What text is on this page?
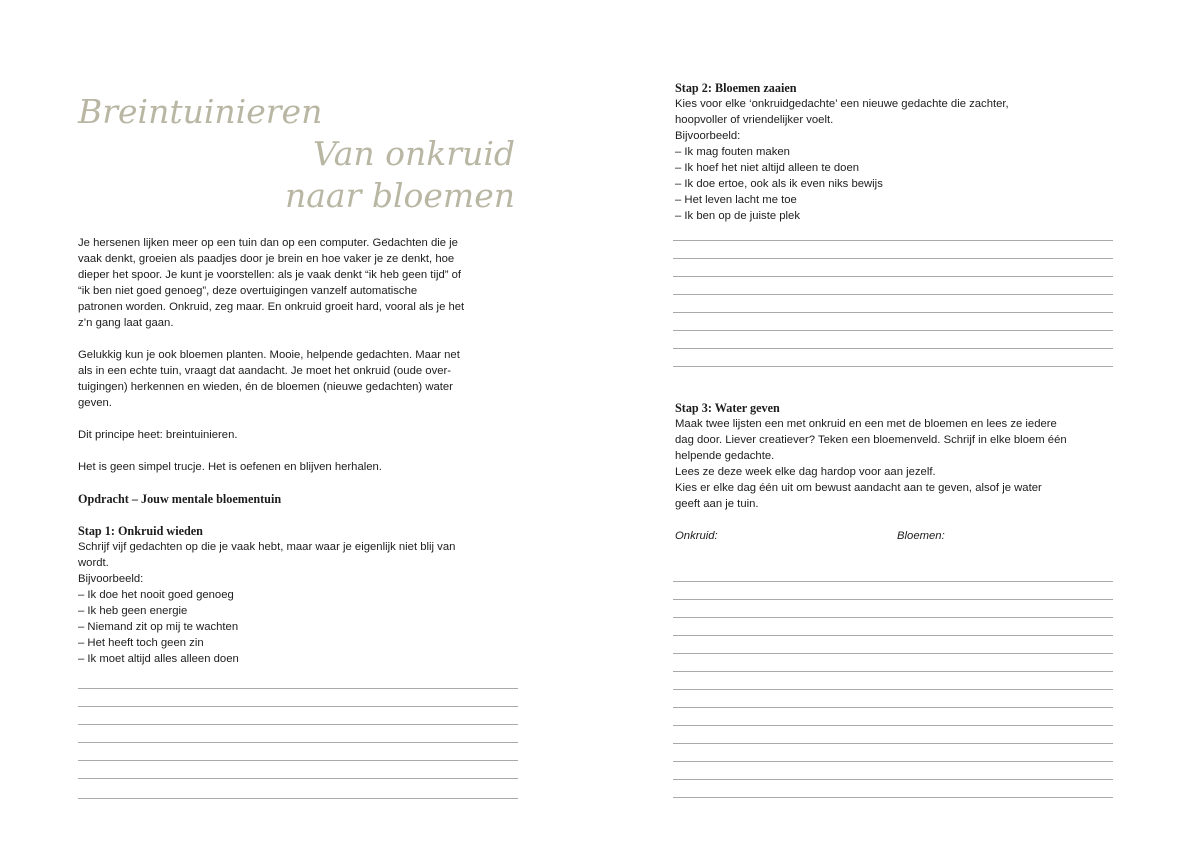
Breintuinieren
Van onkruid
naar bloemen
Je hersenen lijken meer op een tuin dan op een computer. Gedachten die je
vaak denkt, groeien als paadjes door je brein en hoe vaker je ze denkt, hoe
dieper het spoor. Je kunt je voorstellen: als je vaak denkt “ik heb geen tijd” of
“ik ben niet goed genoeg”, deze overtuigingen vanzelf automatische
patronen worden. Onkruid, zeg maar. En onkruid groeit hard, vooral als je het
z’n gang laat gaan.
Gelukkig kun je ook bloemen planten. Mooie, helpende gedachten. Maar net
als in een echte tuin, vraagt dat aandacht. Je moet het onkruid (oude over-
tuigingen) herkennen en wieden, én de bloemen (nieuwe gedachten) water
geven.

Dit principe heet: breintuinieren.

Het is geen simpel trucje. Het is oefenen en blijven herhalen.

Opdracht – Jouw mentale bloementuin

Stap 1: Onkruid wieden

Schrijf vijf gedachten op die je vaak hebt, maar waar je eigenlijk niet blij van
wordt.
Bijvoorbeeld:
– Ik doe het nooit goed genoeg
– Ik heb geen energie
– Niemand zit op mij te wachten
– Het heeft toch geen zin
– Ik moet altijd alles alleen doen

Stap 2: Bloemen zaaien

Kies voor elke ‘onkruidgedachte’ een nieuwe gedachte die zachter,
hoopvoller of vriendelijker voelt.
Bijvoorbeeld:
– Ik mag fouten maken
– Ik hoef het niet altijd alleen te doen
– Ik doe ertoe, ook als ik even niks bewijs
– Het leven lacht me toe
– Ik ben op de juiste plek

Stap 3: Water geven

Maak twee lijsten een met onkruid en een met de bloemen en lees ze iedere
dag door. Liever creatiever? Teken een bloemenveld. Schrijf in elke bloem één
helpende gedachte.
Lees ze deze week elke dag hardop voor aan jezelf.
Kies er elke dag één uit om bewust aandacht aan te geven, alsof je water
geeft aan je tuin.
Onkruid:	Bloemen:
